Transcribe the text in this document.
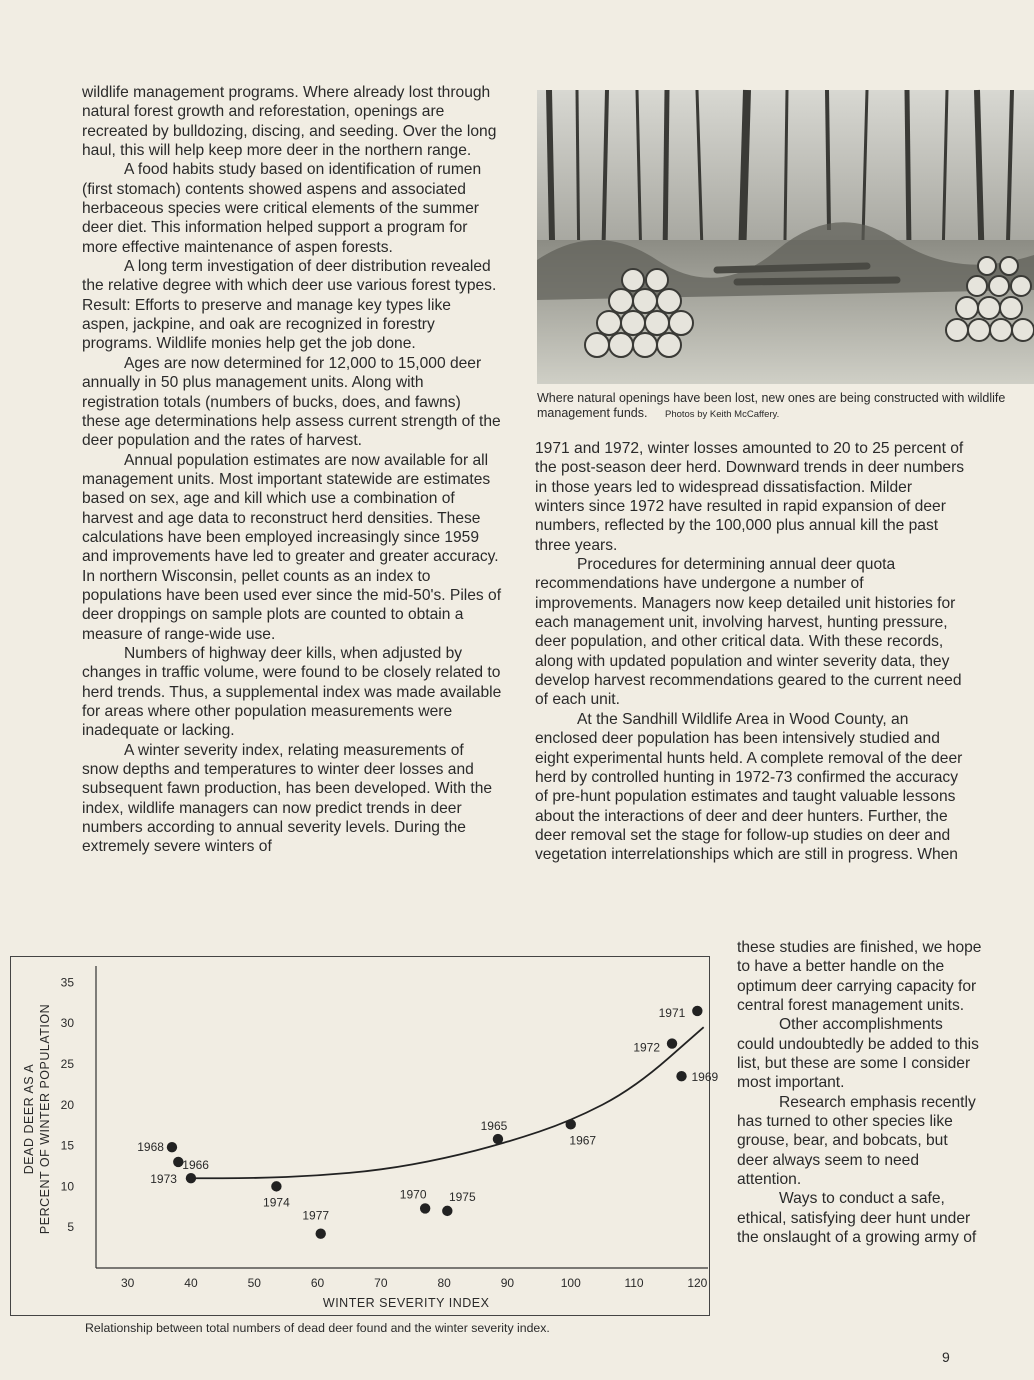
wildlife management programs. Where already lost through natural forest growth and reforestation, openings are recreated by bulldozing, discing, and seeding. Over the long haul, this will help keep more deer in the northern range.

A food habits study based on identification of rumen (first stomach) contents showed aspens and associated herbaceous species were critical elements of the summer deer diet. This information helped support a program for more effective maintenance of aspen forests.

A long term investigation of deer distribution revealed the relative degree with which deer use various forest types. Result: Efforts to preserve and manage key types like aspen, jackpine, and oak are recognized in forestry programs. Wildlife monies help get the job done.

Ages are now determined for 12,000 to 15,000 deer annually in 50 plus management units. Along with registration totals (numbers of bucks, does, and fawns) these age determinations help assess current strength of the deer population and the rates of harvest.

Annual population estimates are now available for all management units. Most important statewide are estimates based on sex, age and kill which use a combination of harvest and age data to reconstruct herd densities. These calculations have been employed increasingly since 1959 and improvements have led to greater and greater accuracy. In northern Wisconsin, pellet counts as an index to populations have been used ever since the mid-50's. Piles of deer droppings on sample plots are counted to obtain a measure of range-wide use.

Numbers of highway deer kills, when adjusted by changes in traffic volume, were found to be closely related to herd trends. Thus, a supplemental index was made available for areas where other population measurements were inadequate or lacking.

A winter severity index, relating measurements of snow depths and temperatures to winter deer losses and subsequent fawn production, has been developed. With the index, wildlife managers can now predict trends in deer numbers according to annual severity levels. During the extremely severe winters of

Where natural openings have been lost, new ones are being constructed with wildlife management funds. Photos by Keith McCaffery.

1971 and 1972, winter losses amounted to 20 to 25 percent of the post-season deer herd. Downward trends in deer numbers in those years led to widespread dissatisfaction. Milder winters since 1972 have resulted in rapid expansion of deer numbers, reflected by the 100,000 plus annual kill the past three years.

Procedures for determining annual deer quota recommendations have undergone a number of improvements. Managers now keep detailed unit histories for each management unit, involving harvest, hunting pressure, deer population, and other critical data. With these records, along with updated population and winter severity data, they develop harvest recommendations geared to the current need of each unit.

At the Sandhill Wildlife Area in Wood County, an enclosed deer population has been intensively studied and eight experimental hunts held. A complete removal of the deer herd by controlled hunting in 1972-73 confirmed the accuracy of pre-hunt population estimates and taught valuable lessons about the interactions of deer and deer hunters. Further, the deer removal set the stage for follow-up studies on deer and vegetation interrelationships which are still in progress. When

these studies are finished, we hope to have a better handle on the optimum deer carrying capacity for central forest management units.

Other accomplishments could undoubtedly be added to this list, but these are some I consider most important.

Research emphasis recently has turned to other species like grouse, bear, and bobcats, but deer always seem to need attention.

Ways to conduct a safe, ethical, satisfying deer hunt under the onslaught of a growing army of

5
10
15
20
25
30
35
30	40	50	60	70	80	90	100	110	120
WINTER SEVERITY INDEX
DEAD DEER AS A PERCENT OF WINTER POPULATION	1968
1966
1973
1974
1977
1970 1975
1965
1967
1972
1971
1969
Relationship between total numbers of dead deer found and the winter severity index.
9
